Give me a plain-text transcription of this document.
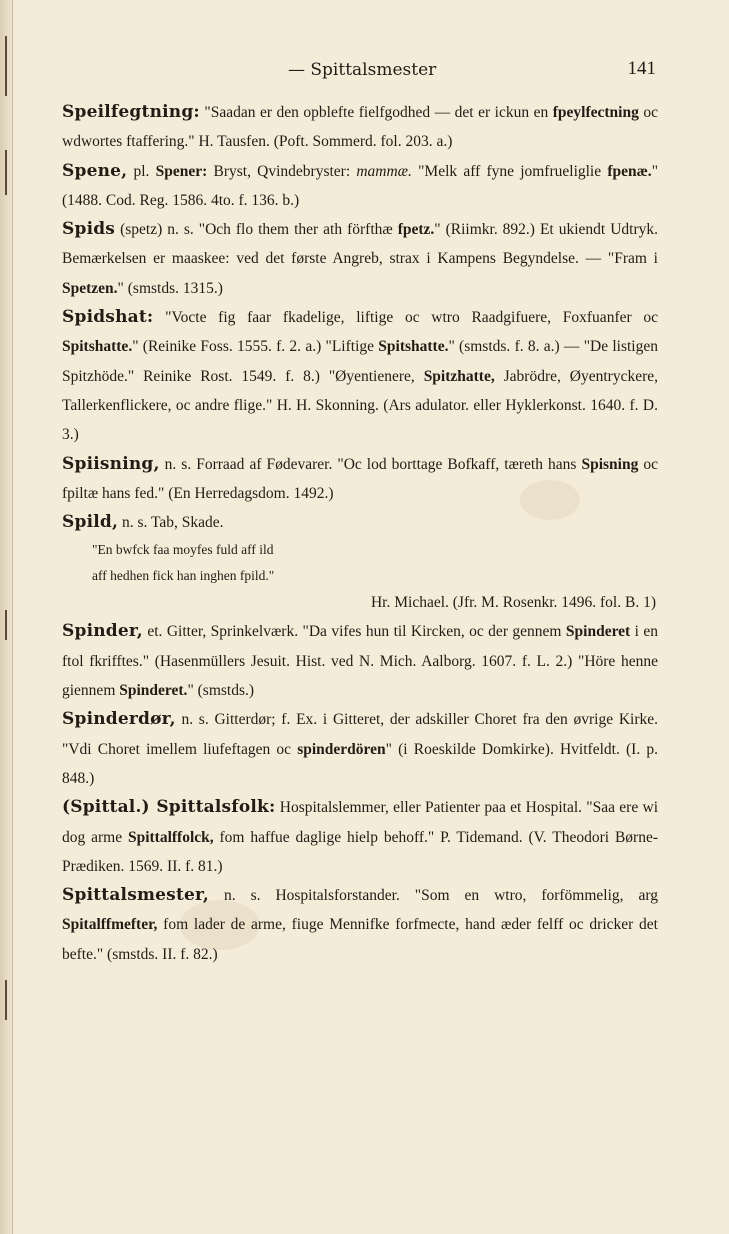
— Spittalsmester	141

Speilfegtning: "Saadan er den opblefte fielfgodhed — det er ickun en fpeylfectning oc wdwortes ftaffering." H. Tausfen. (Poft. Sommerd. fol. 203. a.)

Spene, pl. Spener: Bryst, Qvindebryster: mammæ. "Melk aff fyne jomfrueliglie fpenæ." (1488. Cod. Reg. 1586. 4to. f. 136. b.)

Spids (spetz) n. s. "Och flo them ther ath förfthæ fpetz." (Riimkr. 892.) Et ukiendt Udtryk. Bemærkelsen er maaskee: ved det første Angreb, strax i Kampens Begyndelse. — "Fram i Spetzen." (smstds. 1315.)

Spidshat: "Vocte fig faar fkadelige, liftige oc wtro Raadgifuere, Foxfuanfer oc Spitshatte." (Reinike Foss. 1555. f. 2. a.) "Liftige Spitshatte." (smstds. f. 8. a.) — "De listigen Spitzhöde." Reinike Rost. 1549. f. 8.) "Øyentienere, Spitzhatte, Jabrödre, Øyentryckere, Tallerkenflickere, oc andre flige." H. H. Skonning. (Ars adulator. eller Hyklerkonst. 1640. f. D. 3.)

Spiisning, n. s. Forraad af Fødevarer. "Oc lod borttage Bofkaff, tæreth hans Spisning oc fpiltæ hans fed." (En Herredagsdom. 1492.)

Spild, n. s. Tab, Skade.

"En bwfck faa moyfes fuld aff ild

aff hedhen fick han inghen fpild."

Hr. Michael. (Jfr. M. Rosenkr. 1496. fol. B. 1)

Spinder, et. Gitter, Sprinkelværk. "Da vifes hun til Kircken, oc der gennem Spinderet i en ftol fkrifftes." (Hasenmüllers Jesuit. Hist. ved N. Mich. Aalborg. 1607. f. L. 2.) "Höre henne giennem Spinderet." (smstds.)

Spinderdør, n. s. Gitterdør; f. Ex. i Gitteret, der adskiller Choret fra den øvrige Kirke. "Vdi Choret imellem liufeftagen oc spinderdören" (i Roeskilde Domkirke). Hvitfeldt. (I. p. 848.)

(Spittal.) Spittalsfolk: Hospitalslemmer, eller Patienter paa et Hospital. "Saa ere wi dog arme Spittalffolck, fom haffue daglige hielp behoff." P. Tidemand. (V. Theodori Børne-Prædiken. 1569. II. f. 81.)

Spittalsmester, n. s. Hospitalsforstander. "Som en wtro, forfömmelig, arg Spitalffmefter, fom lader de arme, fiuge Mennifke forfmecte, hand æder felff oc dricker det befte." (smstds. II. f. 82.)
